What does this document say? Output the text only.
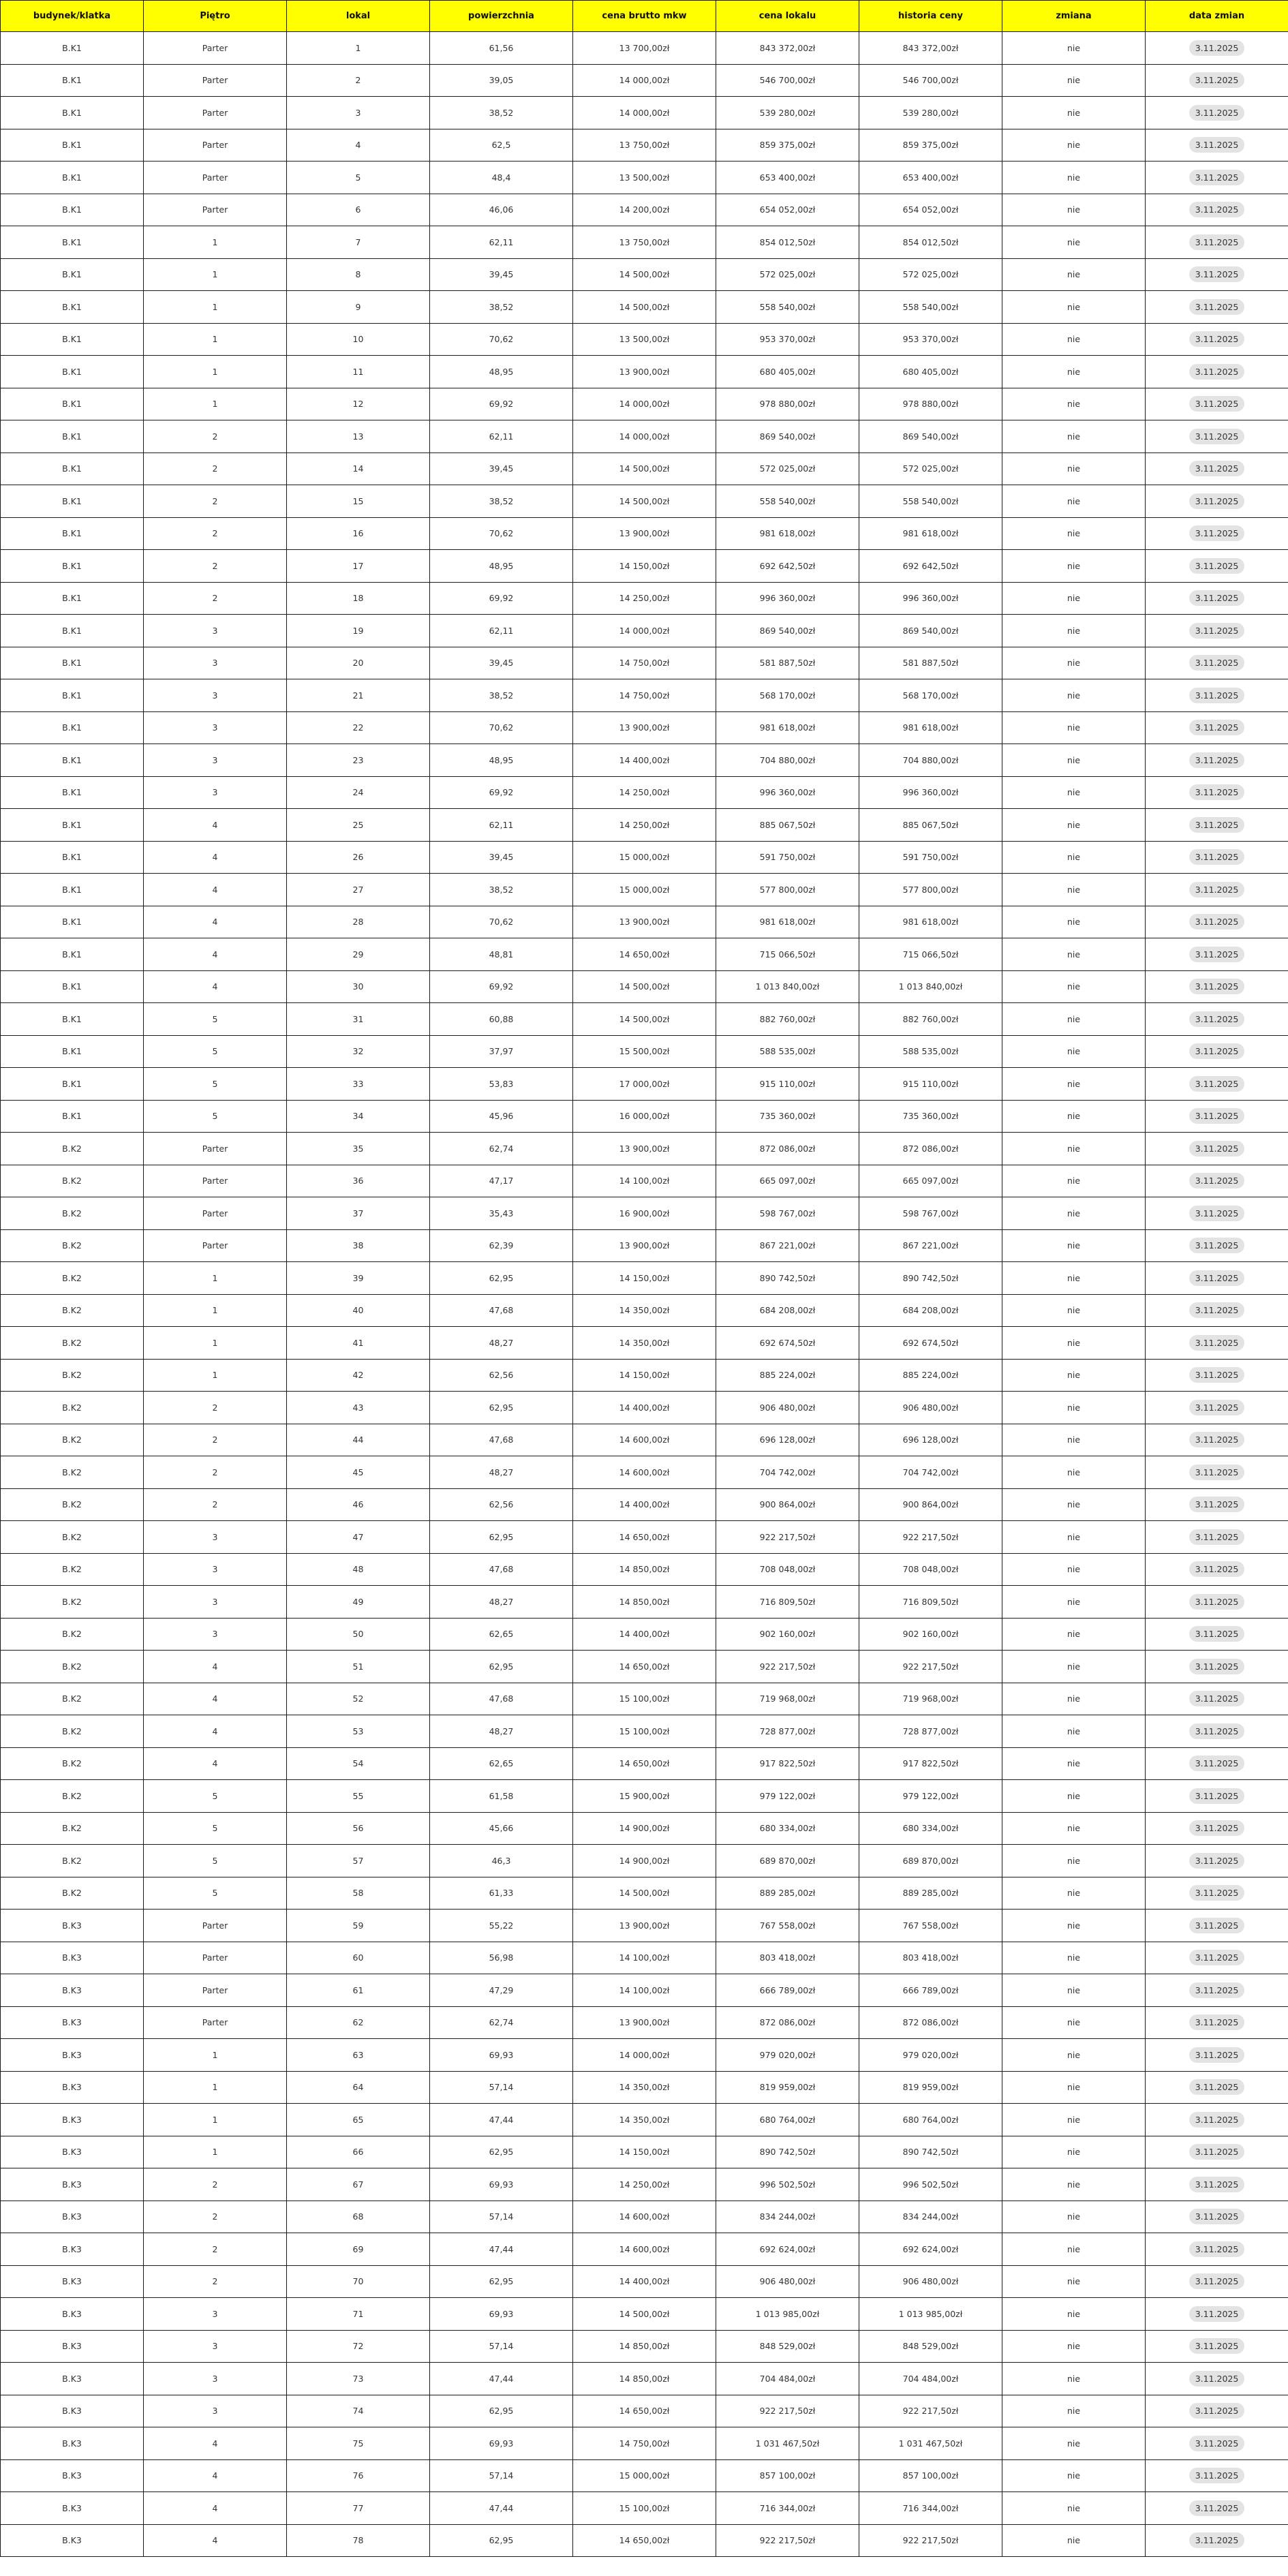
budynek/klatka	Piętro	lokal	powierzchnia	cena brutto mkw	cena lokalu	historia ceny	zmiana	data zmian
B.K1	Parter	1	61,56	13 700,00zł	843 372,00zł	843 372,00zł	nie	3.11.2025
B.K1	Parter	2	39,05	14 000,00zł	546 700,00zł	546 700,00zł	nie	3.11.2025
B.K1	Parter	3	38,52	14 000,00zł	539 280,00zł	539 280,00zł	nie	3.11.2025
B.K1	Parter	4	62,5	13 750,00zł	859 375,00zł	859 375,00zł	nie	3.11.2025
B.K1	Parter	5	48,4	13 500,00zł	653 400,00zł	653 400,00zł	nie	3.11.2025
B.K1	Parter	6	46,06	14 200,00zł	654 052,00zł	654 052,00zł	nie	3.11.2025
B.K1	1	7	62,11	13 750,00zł	854 012,50zł	854 012,50zł	nie	3.11.2025
B.K1	1	8	39,45	14 500,00zł	572 025,00zł	572 025,00zł	nie	3.11.2025
B.K1	1	9	38,52	14 500,00zł	558 540,00zł	558 540,00zł	nie	3.11.2025
B.K1	1	10	70,62	13 500,00zł	953 370,00zł	953 370,00zł	nie	3.11.2025
B.K1	1	11	48,95	13 900,00zł	680 405,00zł	680 405,00zł	nie	3.11.2025
B.K1	1	12	69,92	14 000,00zł	978 880,00zł	978 880,00zł	nie	3.11.2025
B.K1	2	13	62,11	14 000,00zł	869 540,00zł	869 540,00zł	nie	3.11.2025
B.K1	2	14	39,45	14 500,00zł	572 025,00zł	572 025,00zł	nie	3.11.2025
B.K1	2	15	38,52	14 500,00zł	558 540,00zł	558 540,00zł	nie	3.11.2025
B.K1	2	16	70,62	13 900,00zł	981 618,00zł	981 618,00zł	nie	3.11.2025
B.K1	2	17	48,95	14 150,00zł	692 642,50zł	692 642,50zł	nie	3.11.2025
B.K1	2	18	69,92	14 250,00zł	996 360,00zł	996 360,00zł	nie	3.11.2025
B.K1	3	19	62,11	14 000,00zł	869 540,00zł	869 540,00zł	nie	3.11.2025
B.K1	3	20	39,45	14 750,00zł	581 887,50zł	581 887,50zł	nie	3.11.2025
B.K1	3	21	38,52	14 750,00zł	568 170,00zł	568 170,00zł	nie	3.11.2025
B.K1	3	22	70,62	13 900,00zł	981 618,00zł	981 618,00zł	nie	3.11.2025
B.K1	3	23	48,95	14 400,00zł	704 880,00zł	704 880,00zł	nie	3.11.2025
B.K1	3	24	69,92	14 250,00zł	996 360,00zł	996 360,00zł	nie	3.11.2025
B.K1	4	25	62,11	14 250,00zł	885 067,50zł	885 067,50zł	nie	3.11.2025
B.K1	4	26	39,45	15 000,00zł	591 750,00zł	591 750,00zł	nie	3.11.2025
B.K1	4	27	38,52	15 000,00zł	577 800,00zł	577 800,00zł	nie	3.11.2025
B.K1	4	28	70,62	13 900,00zł	981 618,00zł	981 618,00zł	nie	3.11.2025
B.K1	4	29	48,81	14 650,00zł	715 066,50zł	715 066,50zł	nie	3.11.2025
B.K1	4	30	69,92	14 500,00zł	1 013 840,00zł	1 013 840,00zł	nie	3.11.2025
B.K1	5	31	60,88	14 500,00zł	882 760,00zł	882 760,00zł	nie	3.11.2025
B.K1	5	32	37,97	15 500,00zł	588 535,00zł	588 535,00zł	nie	3.11.2025
B.K1	5	33	53,83	17 000,00zł	915 110,00zł	915 110,00zł	nie	3.11.2025
B.K1	5	34	45,96	16 000,00zł	735 360,00zł	735 360,00zł	nie	3.11.2025
B.K2	Parter	35	62,74	13 900,00zł	872 086,00zł	872 086,00zł	nie	3.11.2025
B.K2	Parter	36	47,17	14 100,00zł	665 097,00zł	665 097,00zł	nie	3.11.2025
B.K2	Parter	37	35,43	16 900,00zł	598 767,00zł	598 767,00zł	nie	3.11.2025
B.K2	Parter	38	62,39	13 900,00zł	867 221,00zł	867 221,00zł	nie	3.11.2025
B.K2	1	39	62,95	14 150,00zł	890 742,50zł	890 742,50zł	nie	3.11.2025
B.K2	1	40	47,68	14 350,00zł	684 208,00zł	684 208,00zł	nie	3.11.2025
B.K2	1	41	48,27	14 350,00zł	692 674,50zł	692 674,50zł	nie	3.11.2025
B.K2	1	42	62,56	14 150,00zł	885 224,00zł	885 224,00zł	nie	3.11.2025
B.K2	2	43	62,95	14 400,00zł	906 480,00zł	906 480,00zł	nie	3.11.2025
B.K2	2	44	47,68	14 600,00zł	696 128,00zł	696 128,00zł	nie	3.11.2025
B.K2	2	45	48,27	14 600,00zł	704 742,00zł	704 742,00zł	nie	3.11.2025
B.K2	2	46	62,56	14 400,00zł	900 864,00zł	900 864,00zł	nie	3.11.2025
B.K2	3	47	62,95	14 650,00zł	922 217,50zł	922 217,50zł	nie	3.11.2025
B.K2	3	48	47,68	14 850,00zł	708 048,00zł	708 048,00zł	nie	3.11.2025
B.K2	3	49	48,27	14 850,00zł	716 809,50zł	716 809,50zł	nie	3.11.2025
B.K2	3	50	62,65	14 400,00zł	902 160,00zł	902 160,00zł	nie	3.11.2025
B.K2	4	51	62,95	14 650,00zł	922 217,50zł	922 217,50zł	nie	3.11.2025
B.K2	4	52	47,68	15 100,00zł	719 968,00zł	719 968,00zł	nie	3.11.2025
B.K2	4	53	48,27	15 100,00zł	728 877,00zł	728 877,00zł	nie	3.11.2025
B.K2	4	54	62,65	14 650,00zł	917 822,50zł	917 822,50zł	nie	3.11.2025
B.K2	5	55	61,58	15 900,00zł	979 122,00zł	979 122,00zł	nie	3.11.2025
B.K2	5	56	45,66	14 900,00zł	680 334,00zł	680 334,00zł	nie	3.11.2025
B.K2	5	57	46,3	14 900,00zł	689 870,00zł	689 870,00zł	nie	3.11.2025
B.K2	5	58	61,33	14 500,00zł	889 285,00zł	889 285,00zł	nie	3.11.2025
B.K3	Parter	59	55,22	13 900,00zł	767 558,00zł	767 558,00zł	nie	3.11.2025
B.K3	Parter	60	56,98	14 100,00zł	803 418,00zł	803 418,00zł	nie	3.11.2025
B.K3	Parter	61	47,29	14 100,00zł	666 789,00zł	666 789,00zł	nie	3.11.2025
B.K3	Parter	62	62,74	13 900,00zł	872 086,00zł	872 086,00zł	nie	3.11.2025
B.K3	1	63	69,93	14 000,00zł	979 020,00zł	979 020,00zł	nie	3.11.2025
B.K3	1	64	57,14	14 350,00zł	819 959,00zł	819 959,00zł	nie	3.11.2025
B.K3	1	65	47,44	14 350,00zł	680 764,00zł	680 764,00zł	nie	3.11.2025
B.K3	1	66	62,95	14 150,00zł	890 742,50zł	890 742,50zł	nie	3.11.2025
B.K3	2	67	69,93	14 250,00zł	996 502,50zł	996 502,50zł	nie	3.11.2025
B.K3	2	68	57,14	14 600,00zł	834 244,00zł	834 244,00zł	nie	3.11.2025
B.K3	2	69	47,44	14 600,00zł	692 624,00zł	692 624,00zł	nie	3.11.2025
B.K3	2	70	62,95	14 400,00zł	906 480,00zł	906 480,00zł	nie	3.11.2025
B.K3	3	71	69,93	14 500,00zł	1 013 985,00zł	1 013 985,00zł	nie	3.11.2025
B.K3	3	72	57,14	14 850,00zł	848 529,00zł	848 529,00zł	nie	3.11.2025
B.K3	3	73	47,44	14 850,00zł	704 484,00zł	704 484,00zł	nie	3.11.2025
B.K3	3	74	62,95	14 650,00zł	922 217,50zł	922 217,50zł	nie	3.11.2025
B.K3	4	75	69,93	14 750,00zł	1 031 467,50zł	1 031 467,50zł	nie	3.11.2025
B.K3	4	76	57,14	15 000,00zł	857 100,00zł	857 100,00zł	nie	3.11.2025
B.K3	4	77	47,44	15 100,00zł	716 344,00zł	716 344,00zł	nie	3.11.2025
B.K3	4	78	62,95	14 650,00zł	922 217,50zł	922 217,50zł	nie	3.11.2025
